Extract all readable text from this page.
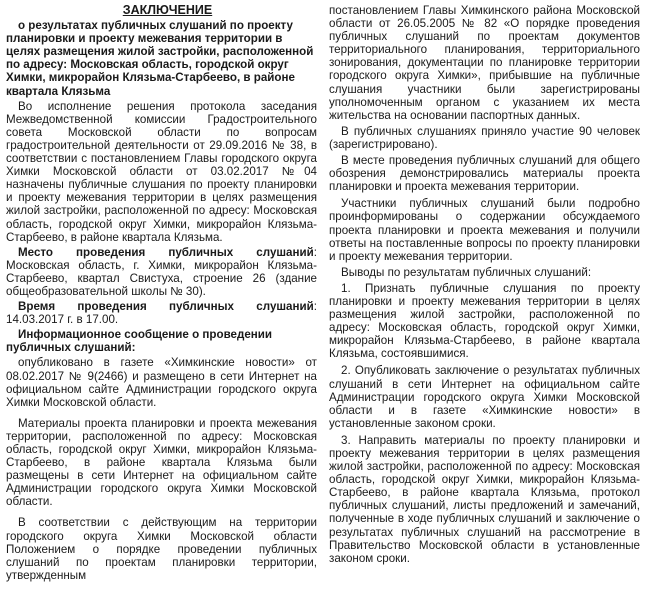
ЗАКЛЮЧЕНИЕ

о результатах публичных слушаний по проекту планировки и проекту межевания территории в целях размещения жилой застройки, расположенной по адресу: Московская область, городской округ Химки, микрорайон Клязьма-Старбеево, в районе квартала Клязьма

Во исполнение решения протокола заседания Межведомственной комиссии Градостроительного совета Московской области по вопросам градостроительной деятельности от 29.09.2016 № 38, в соответствии с постановлением Главы городского округа Химки Московской области от 03.02.2017 №04 назначены публичные слушания по проекту планировки и проекту межевания территории в целях размещения жилой застройки, расположенной по адресу: Московская область, городской округ Химки, микрорайон Клязьма-Старбеево, в районе квартала Клязьма.

Место проведения публичных слушаний: Московская область, г. Химки, микрорайон Клязьма-Старбеево, квартал Свистуха, строение 26 (здание общеобразовательной школы № 30).

Время проведения публичных слушаний: 14.03.2017 г. в 17.00.

Информационное сообщение о проведении публичных слушаний:

опубликовано в газете «Химкинские новости» от 08.02.2017 № 9(2466) и размещено в сети Интернет на официальном сайте Администрации городского округа Химки Московской области.

Материалы проекта планировки и проекта межевания территории, расположенной по адресу: Московская область, городской округ Химки, микрорайон Клязьма-Старбеево, в районе квартала Клязьма были размещены в сети Интернет на официальном сайте Администрации городского округа Химки Московской области.

В соответствии с действующим на территории городского округа Химки Московской области Положением о порядке проведении публичных слушаний по проектам планировки территории, утвержденным

постановлением Главы Химкинского района Московской области от 26.05.2005 № 82 «О порядке проведения публичных слушаний по проектам документов территориального планирования, территориального зонирования, документации по планировке территории городского округа Химки», прибывшие на публичные слушания участники были зарегистрированы уполномоченным органом с указанием их места жительства на основании паспортных данных.

В публичных слушаниях приняло участие 90 человек (зарегистрировано).

В месте проведения публичных слушаний для общего обозрения демонстрировались материалы проекта планировки и проекта межевания территории.

Участники публичных слушаний были подробно проинформированы о содержании обсуждаемого проекта планировки и проекта межевания и получили ответы на поставленные вопросы по проекту планировки и проекту межевания территории.

Выводы по результатам публичных слушаний:

1. Признать публичные слушания по проекту планировки и проекту межевания территории в целях размещения жилой застройки, расположенной по адресу: Московская область, городской округ Химки, микрорайон Клязьма-Старбеево, в районе квартала Клязьма, состоявшимися.

2. Опубликовать заключение о результатах публичных слушаний в сети Интернет на официальном сайте Администрации городского округа Химки Московской области и в газете «Химкинские новости» в установленные законом сроки.

3. Направить материалы по проекту планировки и проекту межевания территории в целях размещения жилой застройки, расположенной по адресу: Московская область, городской округ Химки, микрорайон Клязьма-Старбеево, в районе квартала Клязьма, протокол публичных слушаний, листы предложений и замечаний, полученные в ходе публичных слушаний и заключение о результатах публичных слушаний на рассмотрение в Правительство Московской области в установленные законом сроки.
